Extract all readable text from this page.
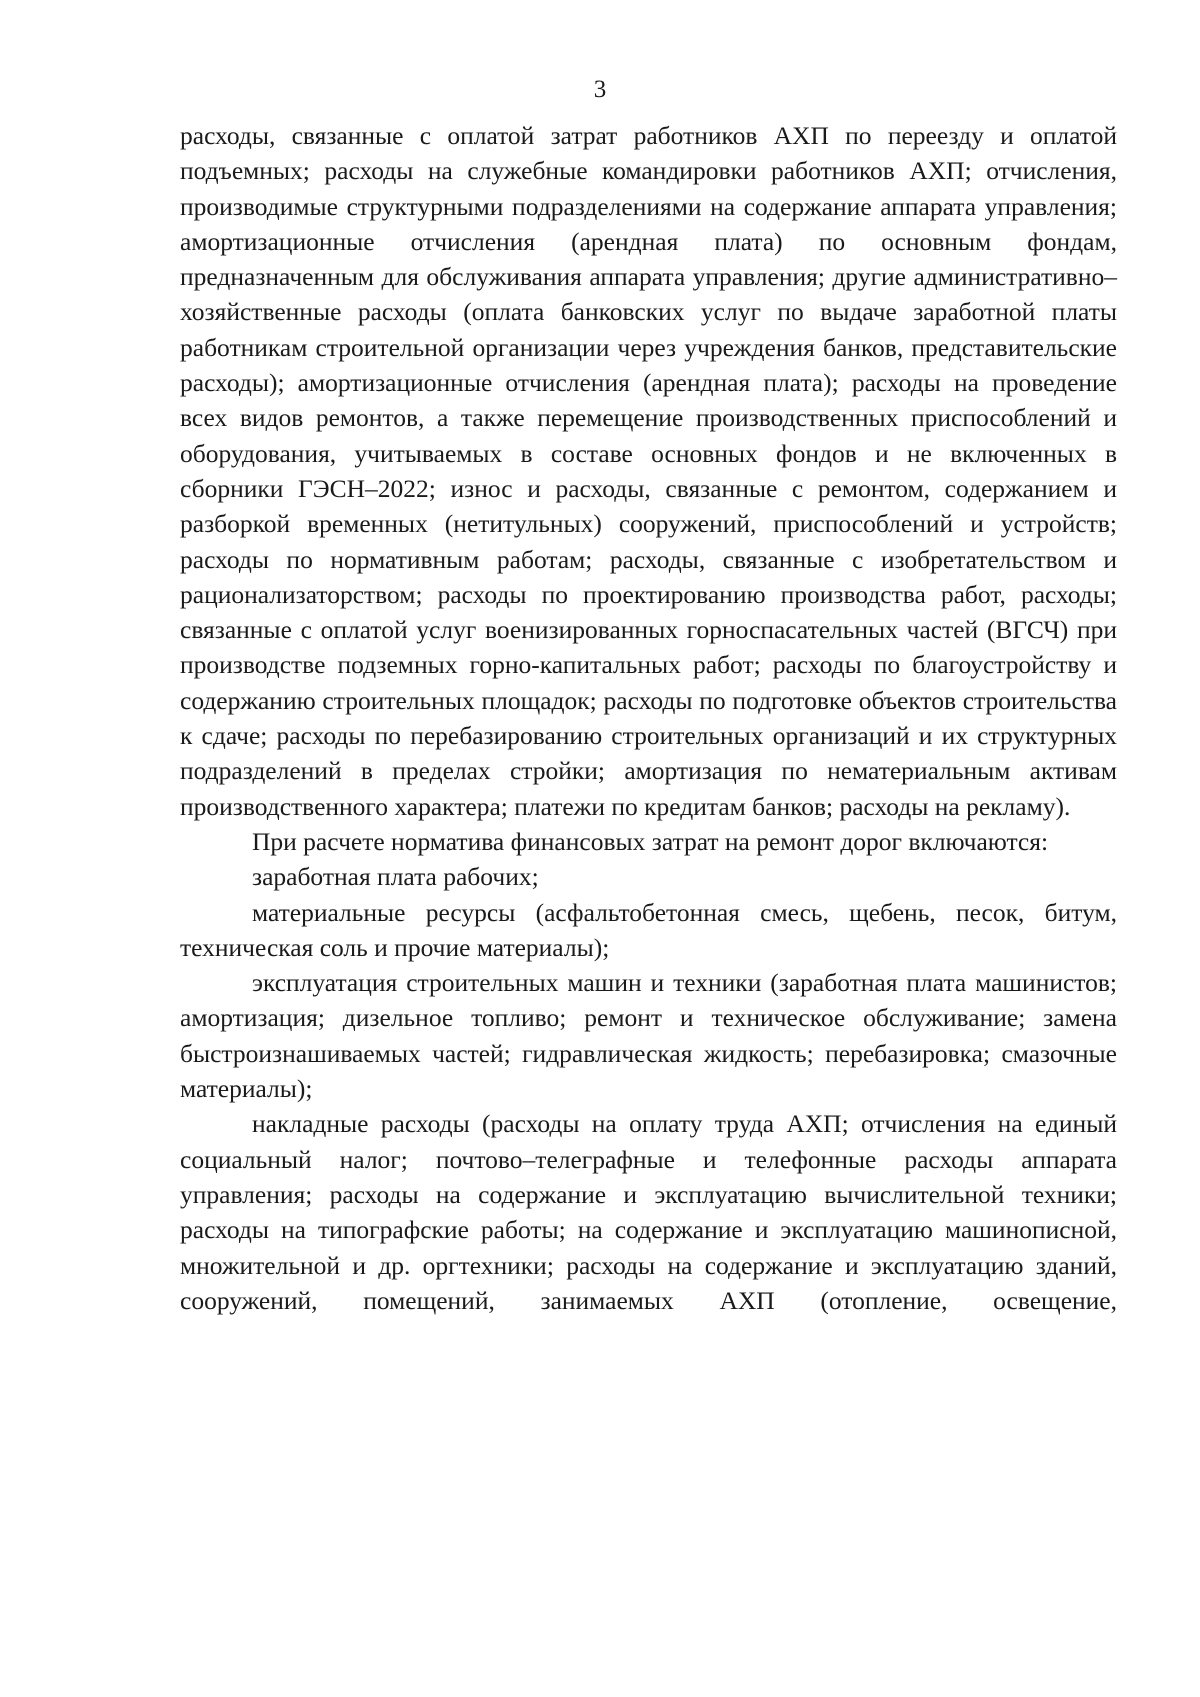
3

расходы, связанные с оплатой затрат работников АХП по переезду и оплатой подъемных; расходы на служебные командировки работников АХП; отчисления, производимые структурными подразделениями на содержание аппарата управления; амортизационные отчисления (арендная плата) по основным фондам, предназначенным для обслуживания аппарата управления; другие административно–хозяйственные расходы (оплата банковских услуг по выдаче заработной платы работникам строительной организации через учреждения банков, представительские расходы); амортизационные отчисления (арендная плата); расходы на проведение всех видов ремонтов, а также перемещение производственных приспособлений и оборудования, учитываемых в составе основных фондов и не включенных в сборники ГЭСН–2022; износ и расходы, связанные с ремонтом, содержанием и разборкой временных (нетитульных) сооружений, приспособлений и устройств; расходы по нормативным работам; расходы, связанные с изобретательством и рационализаторством; расходы по проектированию производства работ, расходы; связанные с оплатой услуг военизированных горноспасательных частей (ВГСЧ) при производстве подземных горно-капитальных работ; расходы по благоустройству и содержанию строительных площадок; расходы по подготовке объектов строительства к сдаче; расходы по перебазированию строительных организаций и их структурных подразделений в пределах стройки; амортизация по нематериальным активам производственного характера; платежи по кредитам банков; расходы на рекламу).

При расчете норматива финансовых затрат на ремонт дорог включаются:

заработная плата рабочих;

материальные ресурсы (асфальтобетонная смесь, щебень, песок, битум, техническая соль и прочие материалы);

эксплуатация строительных машин и техники (заработная плата машинистов; амортизация; дизельное топливо; ремонт и техническое обслуживание; замена быстроизнашиваемых частей; гидравлическая жидкость; перебазировка; смазочные материалы);

накладные расходы (расходы на оплату труда АХП; отчисления на единый социальный налог; почтово–телеграфные и телефонные расходы аппарата управления; расходы на содержание и эксплуатацию вычислительной техники; расходы на типографские работы; на содержание и эксплуатацию машинописной, множительной и др. оргтехники; расходы на содержание и эксплуатацию зданий, сооружений, помещений, занимаемых АХП (отопление, освещение,
